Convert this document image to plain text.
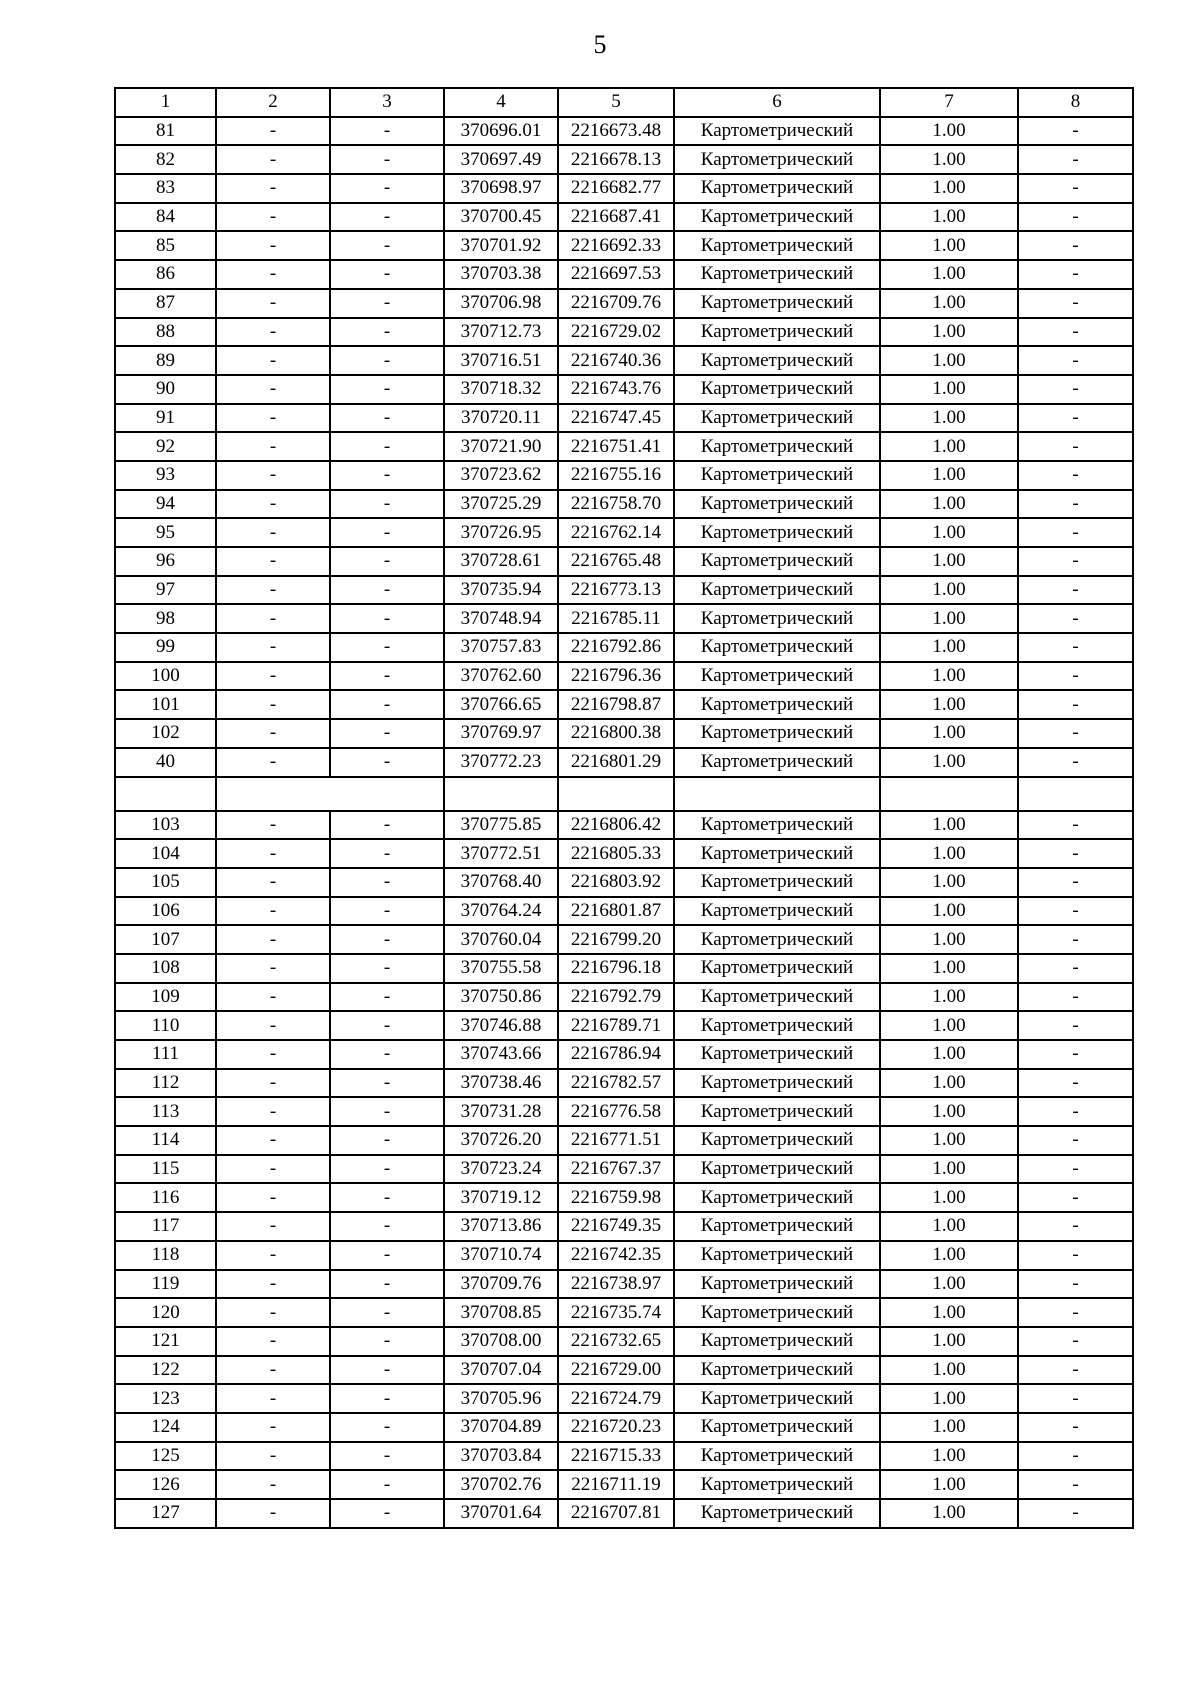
5
1	2	3	4	5	6	7	8
81	-	-	370696.01	2216673.48	Картометрический	1.00	-
82	-	-	370697.49	2216678.13	Картометрический	1.00	-
83	-	-	370698.97	2216682.77	Картометрический	1.00	-
84	-	-	370700.45	2216687.41	Картометрический	1.00	-
85	-	-	370701.92	2216692.33	Картометрический	1.00	-
86	-	-	370703.38	2216697.53	Картометрический	1.00	-
87	-	-	370706.98	2216709.76	Картометрический	1.00	-
88	-	-	370712.73	2216729.02	Картометрический	1.00	-
89	-	-	370716.51	2216740.36	Картометрический	1.00	-
90	-	-	370718.32	2216743.76	Картометрический	1.00	-
91	-	-	370720.11	2216747.45	Картометрический	1.00	-
92	-	-	370721.90	2216751.41	Картометрический	1.00	-
93	-	-	370723.62	2216755.16	Картометрический	1.00	-
94	-	-	370725.29	2216758.70	Картометрический	1.00	-
95	-	-	370726.95	2216762.14	Картометрический	1.00	-
96	-	-	370728.61	2216765.48	Картометрический	1.00	-
97	-	-	370735.94	2216773.13	Картометрический	1.00	-
98	-	-	370748.94	2216785.11	Картометрический	1.00	-
99	-	-	370757.83	2216792.86	Картометрический	1.00	-
100	-	-	370762.60	2216796.36	Картометрический	1.00	-
101	-	-	370766.65	2216798.87	Картометрический	1.00	-
102	-	-	370769.97	2216800.38	Картометрический	1.00	-
40	-	-	370772.23	2216801.29	Картометрический	1.00	-

103	-	-	370775.85	2216806.42	Картометрический	1.00	-
104	-	-	370772.51	2216805.33	Картометрический	1.00	-
105	-	-	370768.40	2216803.92	Картометрический	1.00	-
106	-	-	370764.24	2216801.87	Картометрический	1.00	-
107	-	-	370760.04	2216799.20	Картометрический	1.00	-
108	-	-	370755.58	2216796.18	Картометрический	1.00	-
109	-	-	370750.86	2216792.79	Картометрический	1.00	-
110	-	-	370746.88	2216789.71	Картометрический	1.00	-
111	-	-	370743.66	2216786.94	Картометрический	1.00	-
112	-	-	370738.46	2216782.57	Картометрический	1.00	-
113	-	-	370731.28	2216776.58	Картометрический	1.00	-
114	-	-	370726.20	2216771.51	Картометрический	1.00	-
115	-	-	370723.24	2216767.37	Картометрический	1.00	-
116	-	-	370719.12	2216759.98	Картометрический	1.00	-
117	-	-	370713.86	2216749.35	Картометрический	1.00	-
118	-	-	370710.74	2216742.35	Картометрический	1.00	-
119	-	-	370709.76	2216738.97	Картометрический	1.00	-
120	-	-	370708.85	2216735.74	Картометрический	1.00	-
121	-	-	370708.00	2216732.65	Картометрический	1.00	-
122	-	-	370707.04	2216729.00	Картометрический	1.00	-
123	-	-	370705.96	2216724.79	Картометрический	1.00	-
124	-	-	370704.89	2216720.23	Картометрический	1.00	-
125	-	-	370703.84	2216715.33	Картометрический	1.00	-
126	-	-	370702.76	2216711.19	Картометрический	1.00	-
127	-	-	370701.64	2216707.81	Картометрический	1.00	-
